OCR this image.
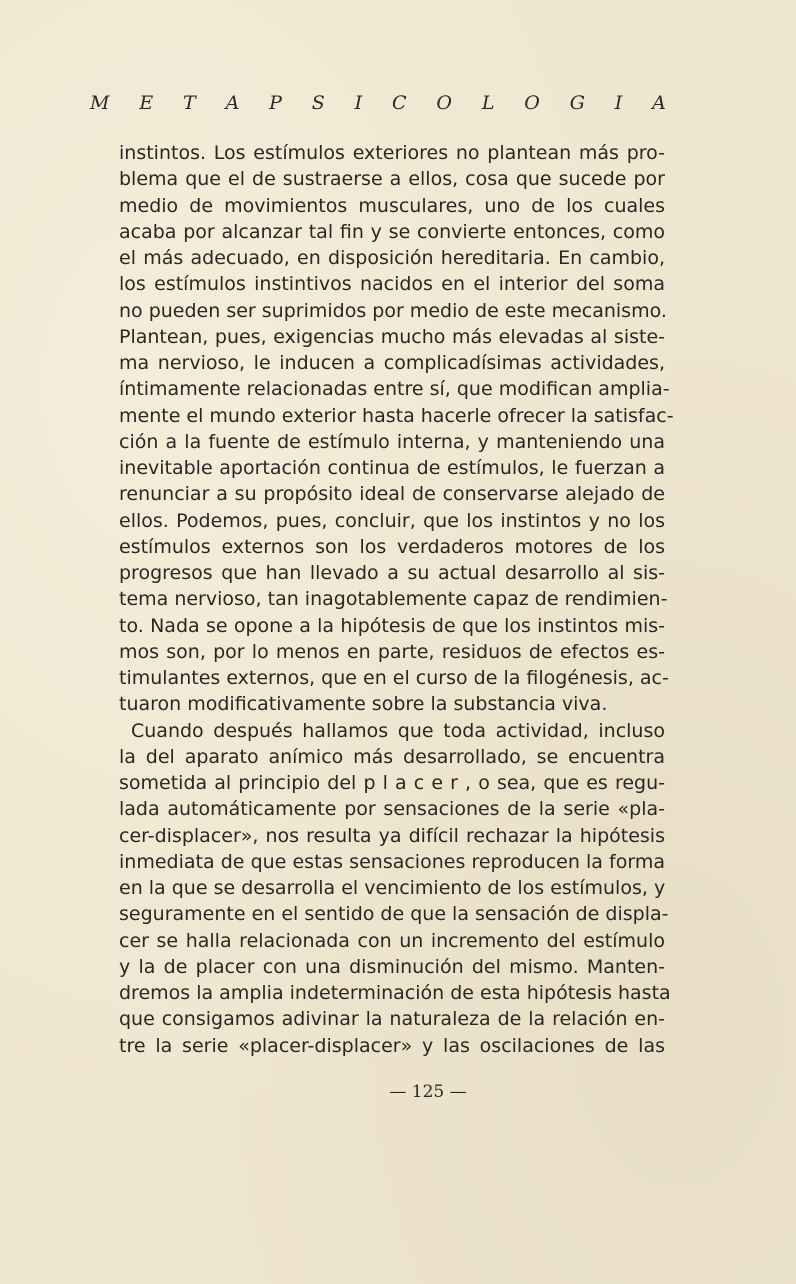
M E T A P S I C O L O G I A
instintos. Los estímulos exteriores no plantean más pro-
blema que el de sustraerse a ellos, cosa que sucede por
medio de movimientos musculares, uno de los cuales
acaba por alcanzar tal fin y se convierte entonces, como
el más adecuado, en disposición hereditaria. En cambio,
los estímulos instintivos nacidos en el interior del soma
no pueden ser suprimidos por medio de este mecanismo.
Plantean, pues, exigencias mucho más elevadas al siste-
ma nervioso, le inducen a complicadísimas actividades,
íntimamente relacionadas entre sí, que modifican amplia-
mente el mundo exterior hasta hacerle ofrecer la satisfac-
ción a la fuente de estímulo interna, y manteniendo una
inevitable aportación continua de estímulos, le fuerzan a
renunciar a su propósito ideal de conservarse alejado de
ellos. Podemos, pues, concluir, que los instintos y no los
estímulos externos son los verdaderos motores de los
progresos que han llevado a su actual desarrollo al sis-
tema nervioso, tan inagotablemente capaz de rendimien-
to. Nada se opone a la hipótesis de que los instintos mis-
mos son, por lo menos en parte, residuos de efectos es-
timulantes externos, que en el curso de la filogénesis, ac-
tuaron modificativamente sobre la substancia viva.
Cuando después hallamos que toda actividad, incluso
la del aparato anímico más desarrollado, se encuentra
sometida al principio del p l a c e r , o sea, que es regu-
lada automáticamente por sensaciones de la serie «pla-
cer-displacer», nos resulta ya difícil rechazar la hipótesis
inmediata de que estas sensaciones reproducen la forma
en la que se desarrolla el vencimiento de los estímulos, y
seguramente en el sentido de que la sensación de displa-
cer se halla relacionada con un incremento del estímulo
y la de placer con una disminución del mismo. Manten-
dremos la amplia indeterminación de esta hipótesis hasta
que consigamos adivinar la naturaleza de la relación en-
tre la serie «placer-displacer» y las oscilaciones de las
— 125 —
